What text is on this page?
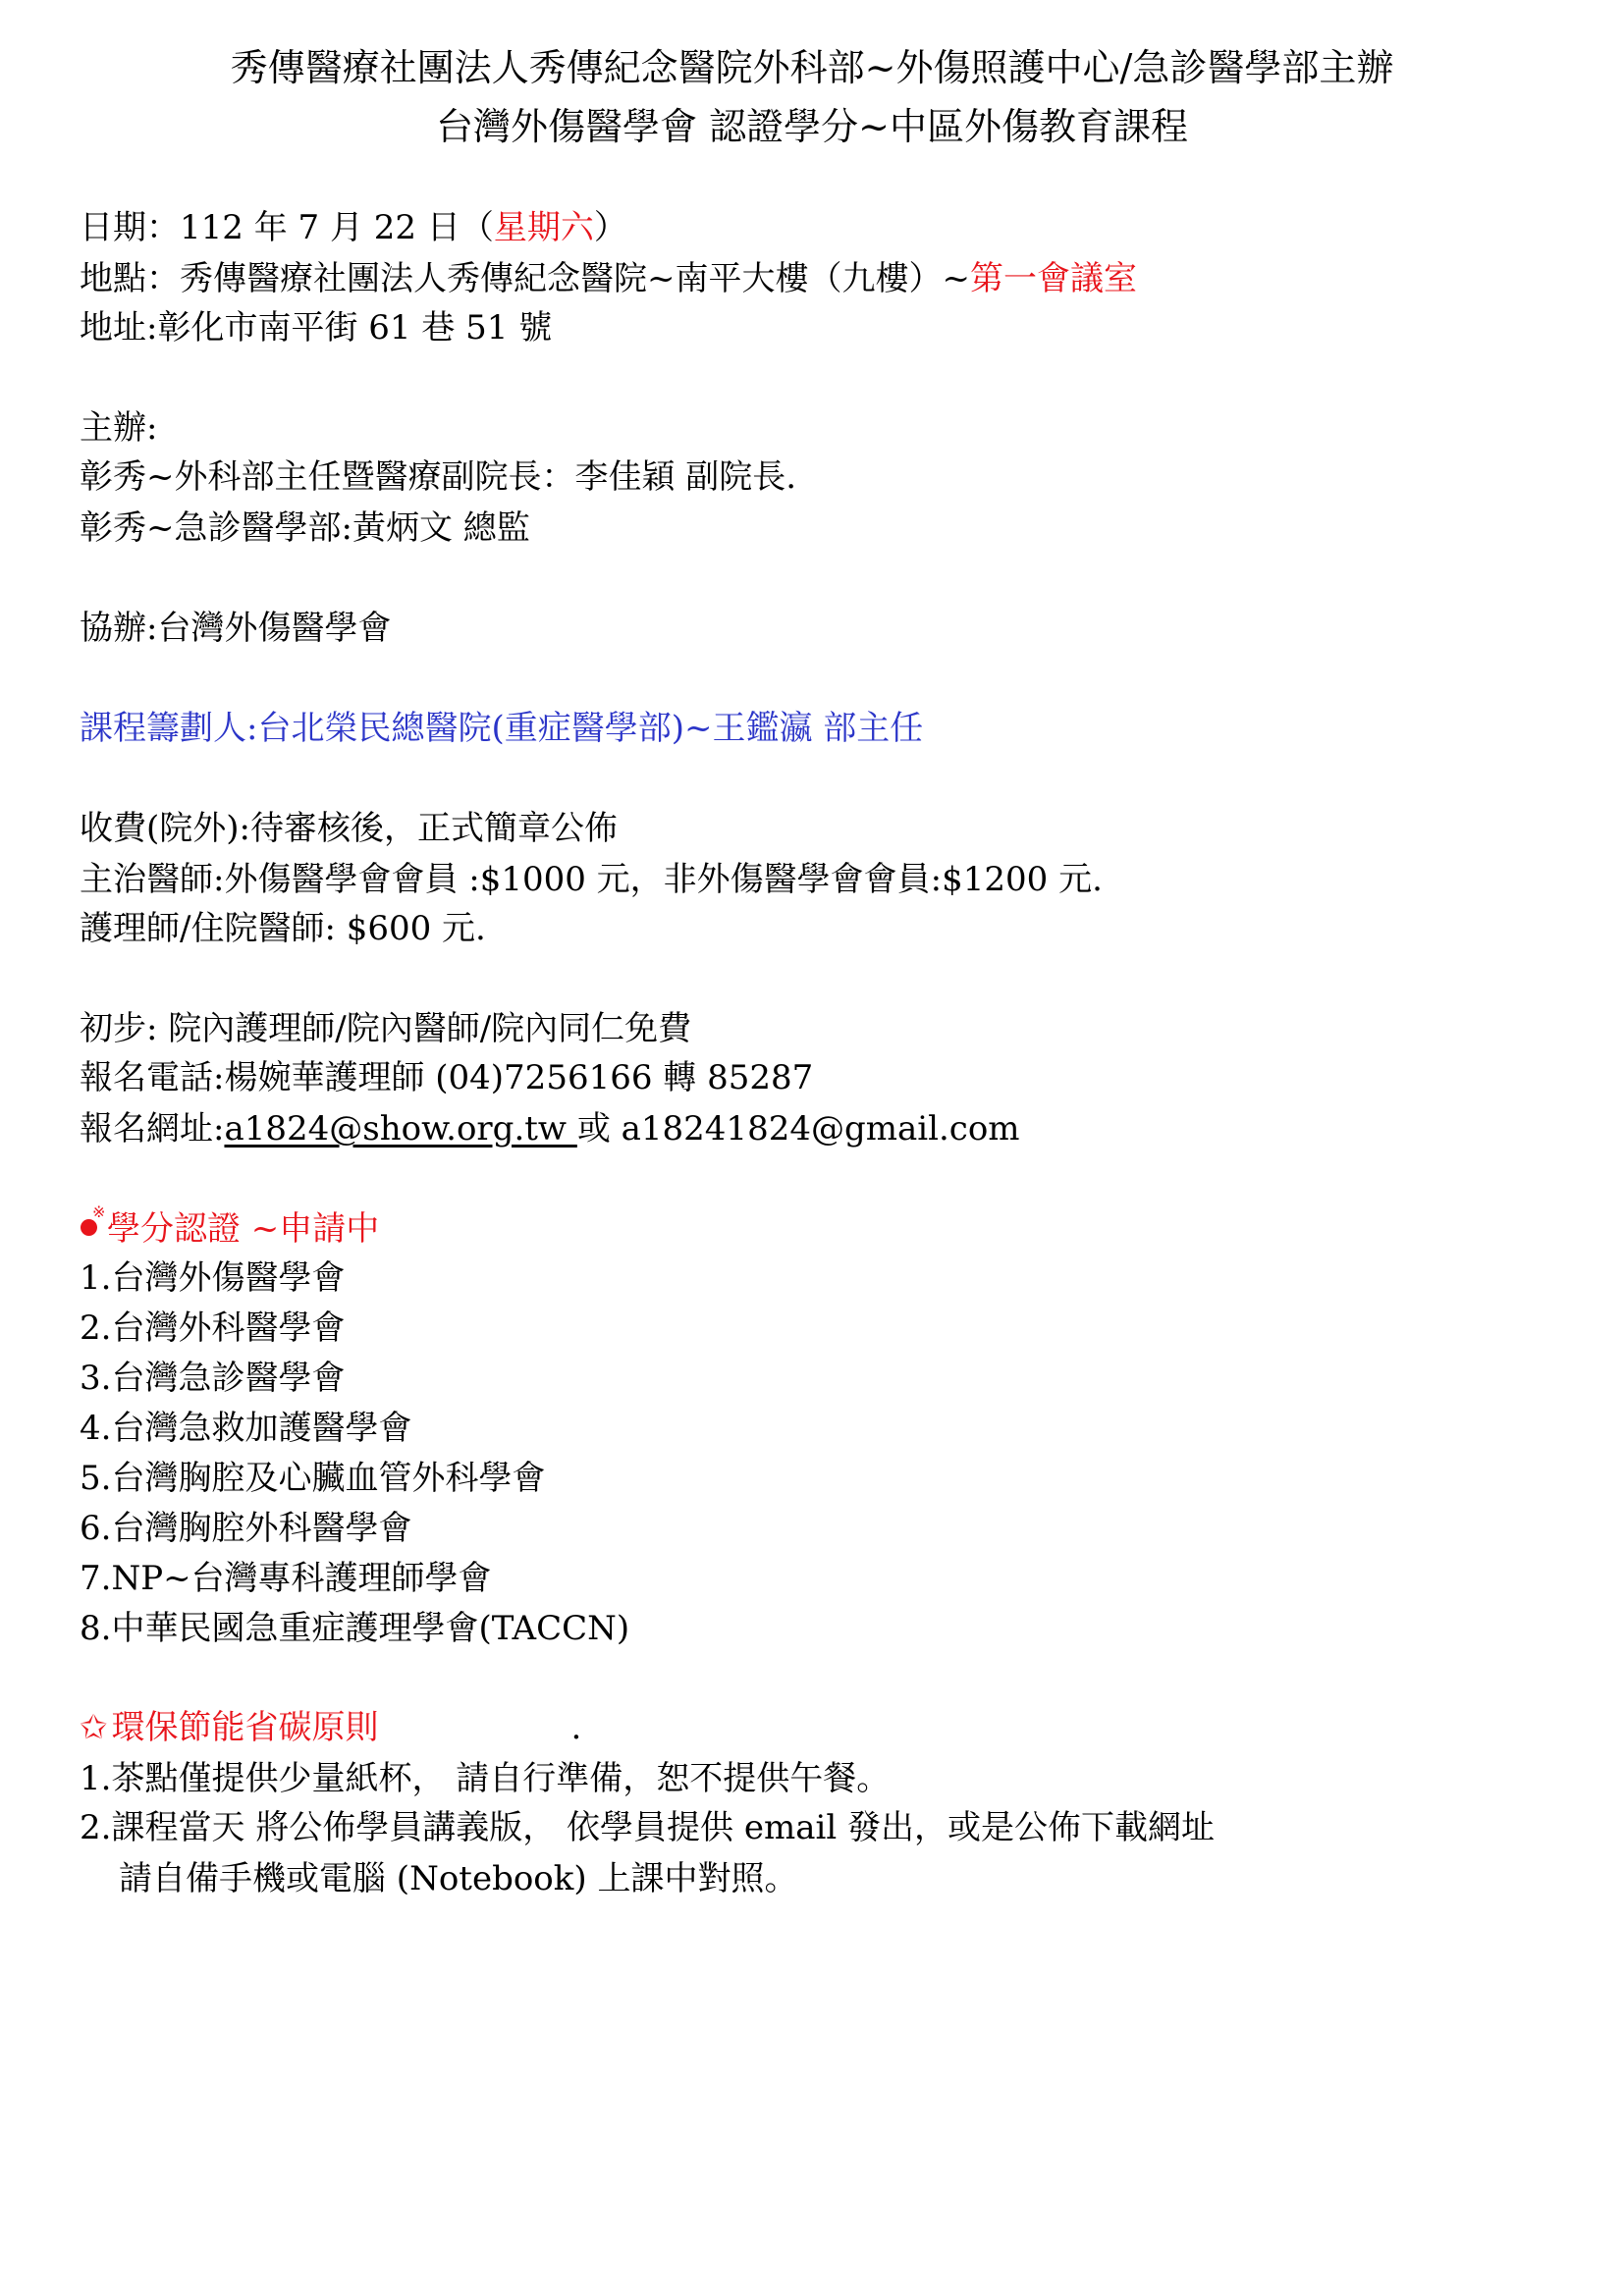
秀傳醫療社團法人秀傳紀念醫院外科部~外傷照護中心/急診醫學部主辦
台灣外傷醫學會 認證學分~中區外傷教育課程
日期：112 年 7 月 22 日（星期六）
地點：秀傳醫療社團法人秀傳紀念醫院~南平大樓（九樓）~第一會議室
地址:彰化市南平街 61 巷 51 號
主辦:
彰秀~外科部主任暨醫療副院長：李佳穎 副院長.
彰秀~急診醫學部:黃炳文 總監
協辦:台灣外傷醫學會
課程籌劃人:台北榮民總醫院(重症醫學部)~王鑑瀛 部主任
收費(院外):待審核後，正式簡章公佈
主治醫師:外傷醫學會會員 :$1000 元，非外傷醫學會會員:$1200 元.
護理師/住院醫師: $600 元.
初步: 院內護理師/院內醫師/院內同仁免費
報名電話:楊婉華護理師 (04)7256166 轉 85287
報名網址:a1824@show.org.tw 或 a18241824@gmail.com
※ 學分認證 ~申請中
1.台灣外傷醫學會
2.台灣外科醫學會
3.台灣急診醫學會
4.台灣急救加護醫學會
5.台灣胸腔及心臟血管外科學會
6.台灣胸腔外科醫學會
7.NP~台灣專科護理師學會
8.中華民國急重症護理學會(TACCN)
✩ 環保節能省碳原則	.
1.茶點僅提供少量紙杯， 請自行準備，恕不提供午餐。
2.課程當天 將公佈學員講義版， 依學員提供 email 發出，或是公佈下載網址
請自備手機或電腦 (Notebook) 上課中對照。
